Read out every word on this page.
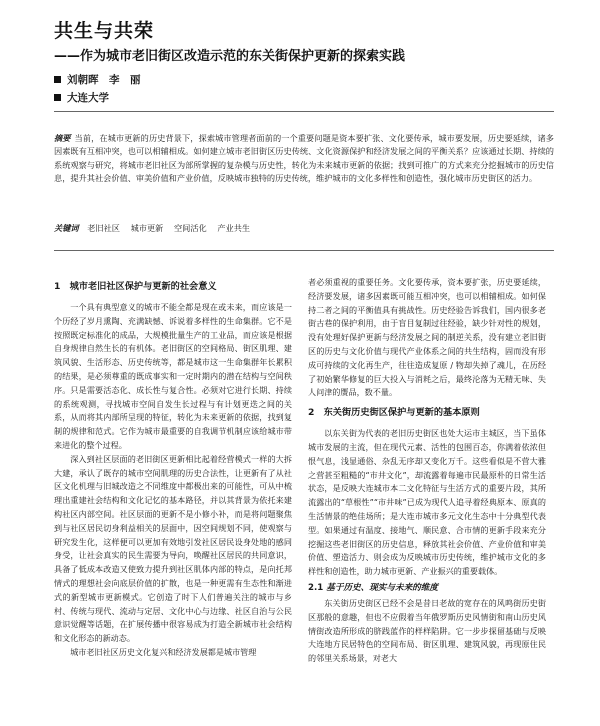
共生与共荣
——作为城市老旧街区改造示范的东关街保护更新的探索实践
刘朝晖　李　丽
大连大学
摘要 当前，在城市更新的历史背景下，探索城市管理者面前的一个重要问题是资本要扩张、文化要传承，城市要发展，历史要延续，诸多因素既有互相冲突，也可以相辅相成。如何建立城市老旧街区历史传统、文化资源保护和经济发展之间的平衡关系？应该通过长期、持续的系统观察与研究，将城市老旧社区为部所掌握的复杂模与历史性，转化为未来城市更新的依据；找到可推广的方式来充分挖掘城市的历史信息，提升其社会价值、审美价值和产业价值，反映城市独特的历史传统，维护城市的文化多样性和创造性，强化城市历史街区的活力。
关键词 老旧社区 城市更新 空间活化 产业共生
1　城市老旧社区保护与更新的社会意义

一个具有典型意义的城市不能全都是现在或未来，而应该是一个历经了岁月熏陶、充满缺憾、诉说着多样性的生命集群。它不是按照既定标准化的成品，大规模批量生产的工业品，而应该是根据自身规律自然生长的有机体。老旧街区的空间格局、街区肌理、建筑风貌、生活形态、历史传统等，都是城市这一生命集群年长累积的结果，是必须尊重的既成事实和一定时期内的潜在结构与空间秩序。只是需要活态化、成长性与复合性。必须对它进行长期、持续的系统观测，寻找城市空间自发生长过程与有计划更迭之间的关系，从而将其内部所呈现的特征，转化为未来更新的依据，找到复制的规律和范式。它作为城市最重要的自我调节机制应该给城市带来进化的整个过程。

深入到社区层面的老旧街区更新相比起着经营模式一样的大拆大建，承认了既存的城市空间肌理的历史合法性，让更新有了从社区文化机理与旧城改造之不同维度中都极出来的可能性，可从中梳理出重建社会结构和文化记忆的基本路径，并以其背景为依托来建构社区内部空间。社区层面的更新不是小修小补，而是将问题聚焦到与社区居民切身利益相关的层面中，因空间规划不同，使观察与研究发生化，这样便可以更加有效地引发社区居民设身处地的感同身受，让社会真实的民生需要为导向，唤醒社区居民的共同意识，具备了低成本改造又使致力提升到社区肌体内部的特点，是向托邦情式的理想社会向底层价值的扩散，也是一种更需有生态性和渐进式的新型城市更新模式。它创造了时下人们普遍关注的城市与乡村、传统与现代、流动与定居、文化中心与边缘、社区自治与公民意识觉醒等话题，在扩展传播中很容易成为打造全新城市社会结构和文化形态的新动态。

城市老旧社区历史文化复兴和经济发展都是城市管理

者必须重视的重要任务。文化要传承，资本要扩张，历史要延续，经济要发展，诸多因素既可能互相冲突，也可以相辅相成。如何保持二者之间的平衡值具有挑战性。历史经验告诉我们，国内很多老街古巷的保护利用，由于盲目复制过往经验，缺少针对性的规划，没有处理好保护更新与经济发展之间的制逆关系，没有建立老旧街区的历史与文化价值与现代产业体系之间的共生结构，固而没有形成可持续的文化再生产，往往造成复原 / 物却失掉了魂儿，在历经了初始繁华修复的巨大投入与消耗之后，最终沦落为无精无味、失人问津的赝品，数不量。

2　东关街历史街区保护与更新的基本原则

以东关街为代表的老旧历史街区也处大运市主城区，当下虽体城市发展的主流，但在现代元素、活性的包围百态，你满着依浓但恨气息，浅显通俗、杂乱无序却又变化万千。这些看似是不营大雅之营甚至粗糙的“市井文化”，却流露着每遍市民最原朴的日常生活状态，是反映大连城市本二文化特征与生活方式的重要片段，其所流露出的“草根性”“市井味”已成为现代人追寻着经典原本、原真的生活情景的绝佳场所；是大连市城市多元文化生态中十分典型代表型。如果通过有温度、接地气、顺民意、合市情的更新手段来充分挖掘这些老旧街区的历史信息，释放其社会价值、产业价值和审美价值、塑造活力、则会成为反映城市历史传统，维护城市文化的多样性和创造性，助力城市更新、产业振兴的重要载体。

2.1 基于历史、现实与未来的维度

东关街历史街区已经不会是昔日老故的宽存在的风鸣街历史街区那般的意趣，但也不应假着当年俄罗斯历史风情街和南山历史风情街改造所形成的脐践蓝作的样样陷阱。它一步步探留基础与反映大连地方民居特色的空间布局、街区肌理、建筑风貌，再现原住民的邻里关系场景，对老大
